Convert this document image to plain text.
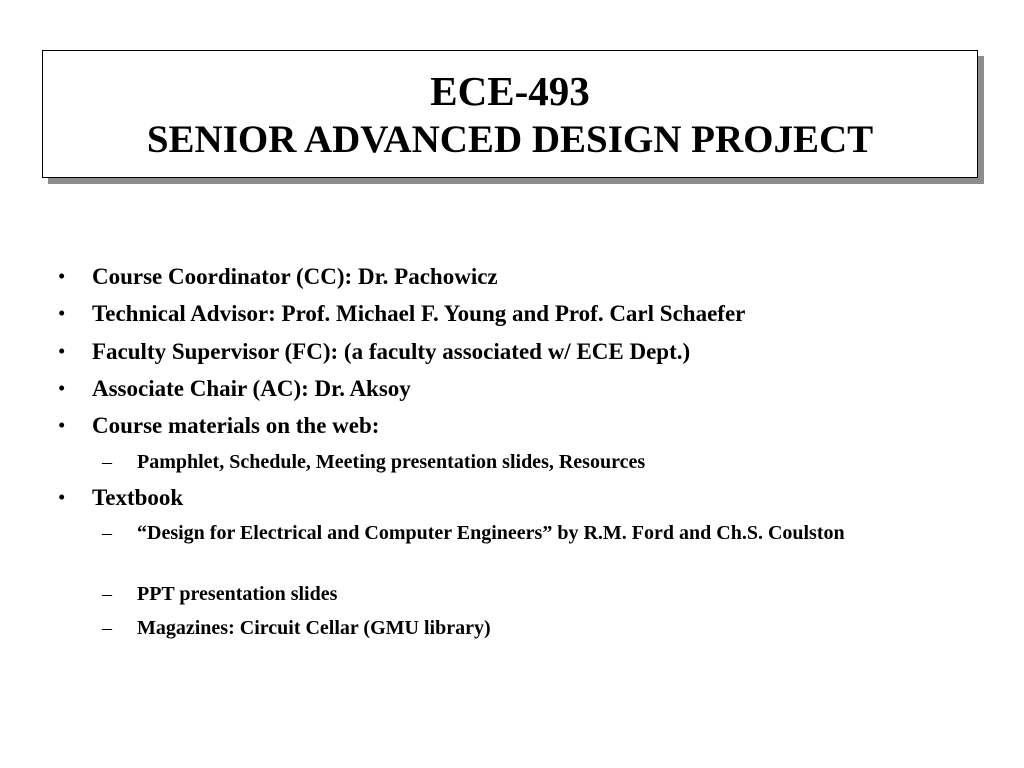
ECE-493
SENIOR ADVANCED DESIGN PROJECT
• Course Coordinator (CC): Dr. Pachowicz
• Technical Advisor: Prof. Michael F. Young and Prof. Carl Schaefer
• Faculty Supervisor (FC): (a faculty associated w/ ECE Dept.)
• Associate Chair (AC): Dr. Aksoy
• Course materials on the web:
– Pamphlet, Schedule, Meeting presentation slides, Resources
• Textbook
– “Design for Electrical and Computer Engineers” by R.M. Ford and Ch.S. Coulston
– PPT presentation slides
– Magazines: Circuit Cellar (GMU library)
